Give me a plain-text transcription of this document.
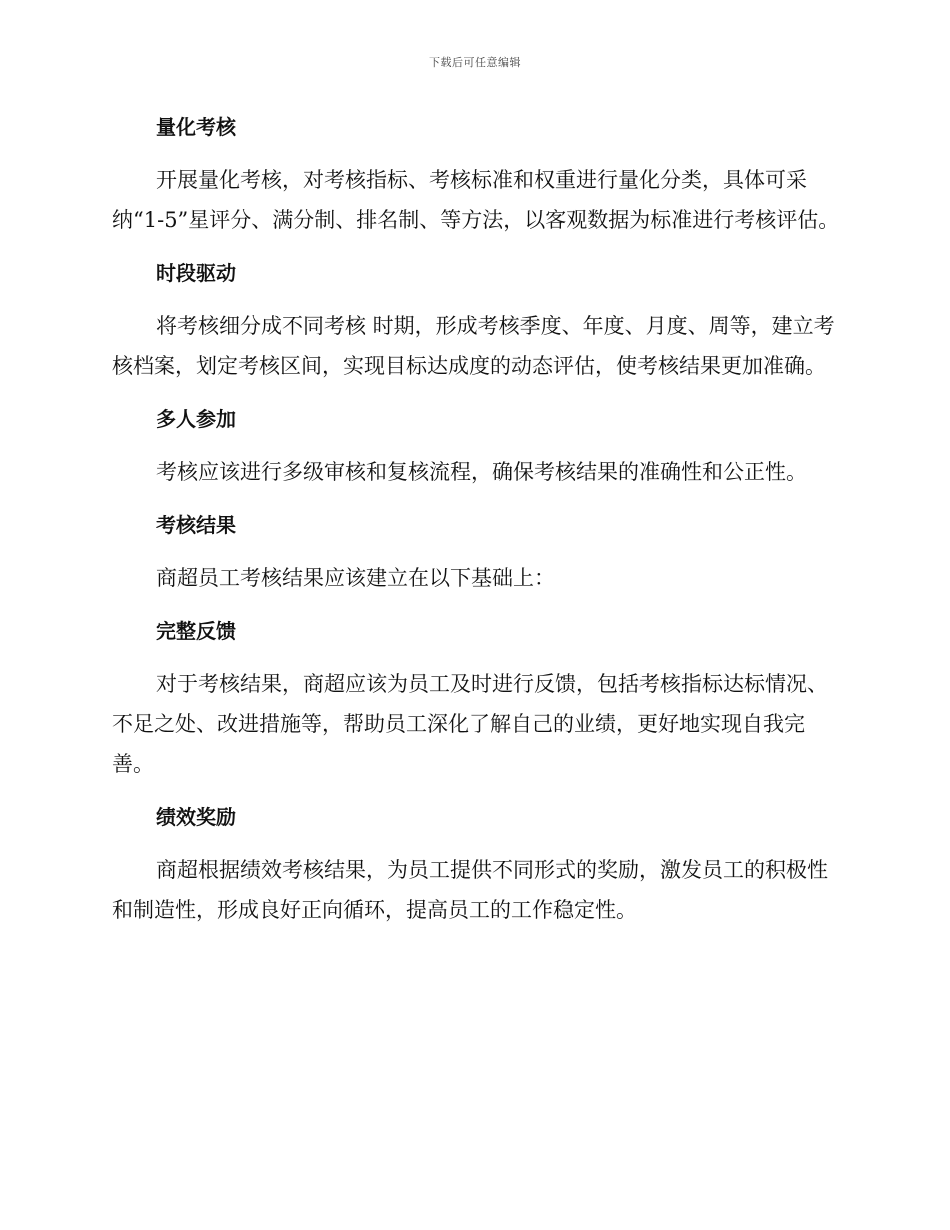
下载后可任意编辑
量化考核

开展量化考核，对考核指标、考核标准和权重进行量化分类，具体可采纳“1-5”星评分、满分制、排名制、等方法，以客观数据为标准进行考核评估。

时段驱动

将考核细分成不同考核 时期，形成考核季度、年度、月度、周等，建立考核档案，划定考核区间，实现目标达成度的动态评估，使考核结果更加准确。

多人参加

考核应该进行多级审核和复核流程，确保考核结果的准确性和公正性。

考核结果

商超员工考核结果应该建立在以下基础上：

完整反馈

对于考核结果，商超应该为员工及时进行反馈，包括考核指标达标情况、不足之处、改进措施等，帮助员工深化了解自己的业绩，更好地实现自我完善。

绩效奖励

商超根据绩效考核结果，为员工提供不同形式的奖励，激发员工的积极性和制造性，形成良好正向循环，提高员工的工作稳定性。
